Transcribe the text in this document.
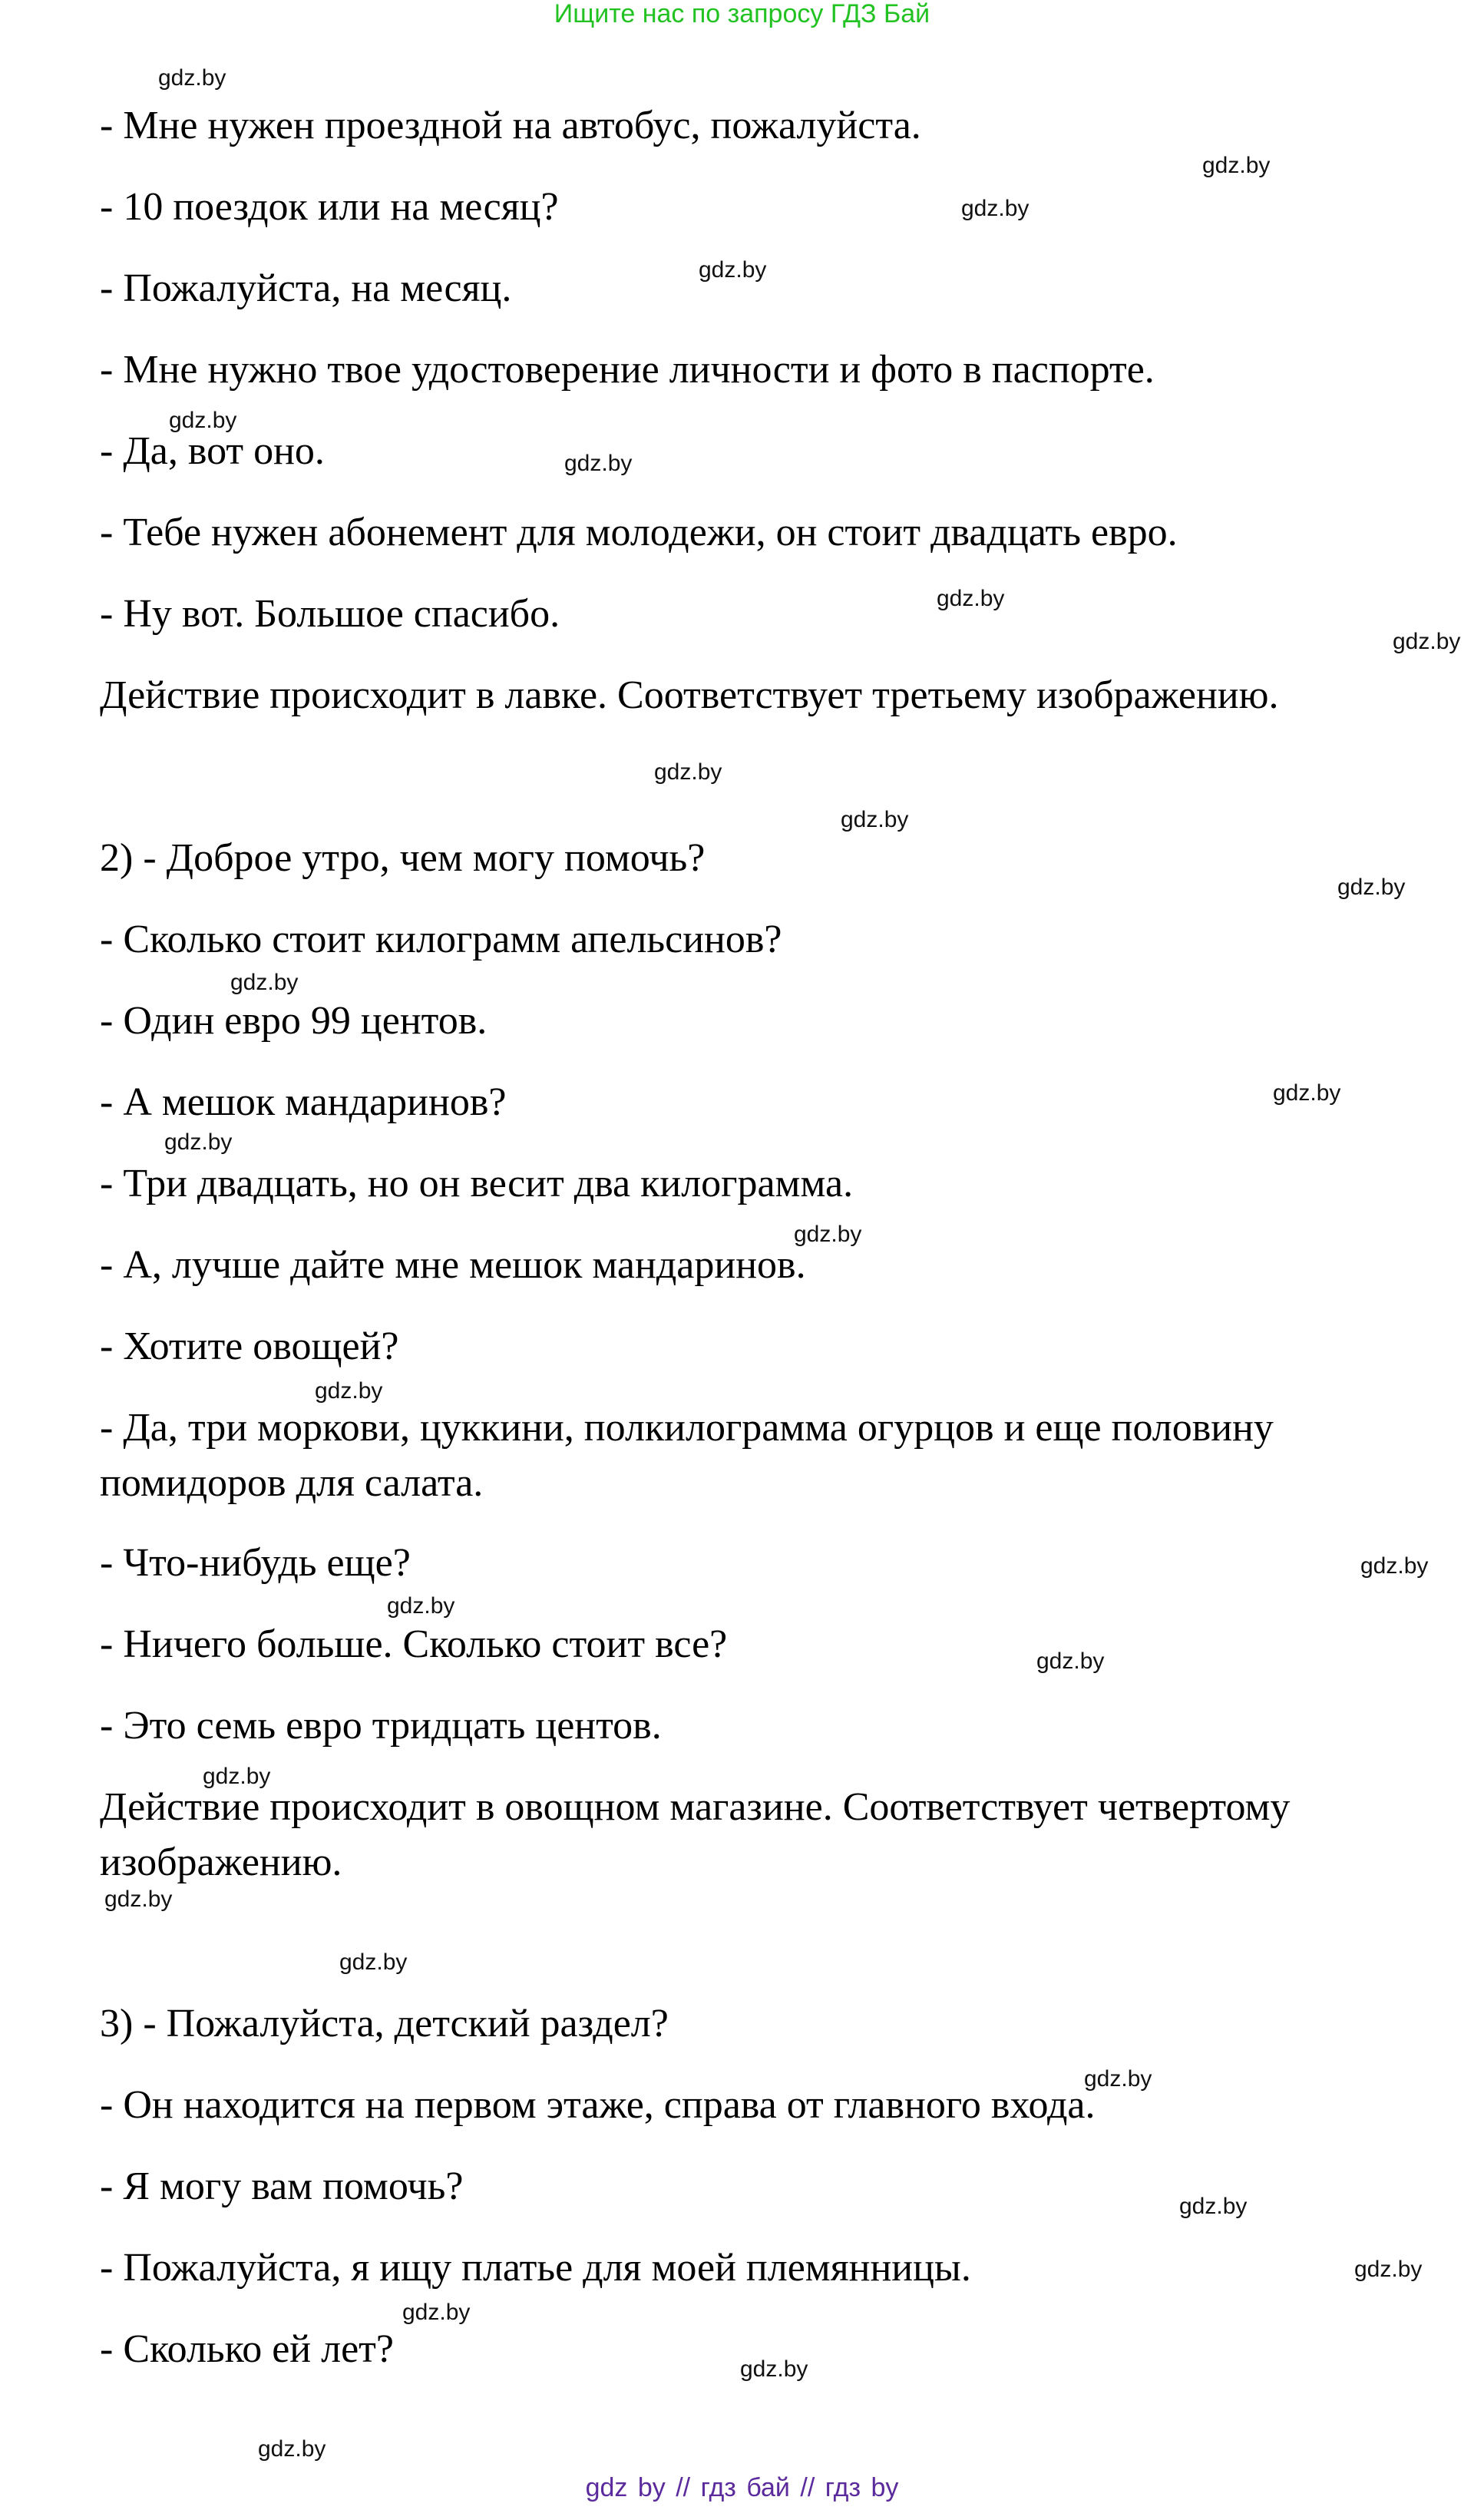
Ищите нас по запросу ГДЗ Бай
- Мне нужен проездной на автобус, пожалуйста.
- 10 поездок или на месяц?
- Пожалуйста, на месяц.
- Мне нужно твое удостоверение личности и фото в паспорте.
- Да, вот оно.
- Тебе нужен абонемент для молодежи, он стоит двадцать евро.
- Ну вот. Большое спасибо.
Действие происходит в лавке. Соответствует третьему изображению.
2) - Доброе утро, чем могу помочь?
- Сколько стоит килограмм апельсинов?
- Один евро 99 центов.
- А мешок мандаринов?
- Три двадцать, но он весит два килограмма.
- А, лучше дайте мне мешок мандаринов.
- Хотите овощей?
- Да, три моркови, цуккини, полкилограмма огурцов и еще половину
помидоров для салата.
- Что-нибудь еще?
- Ничего больше. Сколько стоит все?
- Это семь евро тридцать центов.
Действие происходит в овощном магазине. Соответствует четвертому
изображению.
3) - Пожалуйста, детский раздел?
- Он находится на первом этаже, справа от главного входа.
- Я могу вам помочь?
- Пожалуйста, я ищу платье для моей племянницы.
- Сколько ей лет?
gdz.by
gdz.by
gdz.by
gdz.by
gdz.by
gdz.by
gdz.by
gdz.by
gdz.by
gdz.by
gdz.by
gdz.by
gdz.by
gdz.by
gdz.by
gdz.by
gdz.by
gdz.by
gdz.by
gdz.by
gdz.by
gdz.by
gdz.by
gdz.by
gdz.by
gdz.by
gdz.by
gdz.by
gdz by // гдз бай // гдз by
